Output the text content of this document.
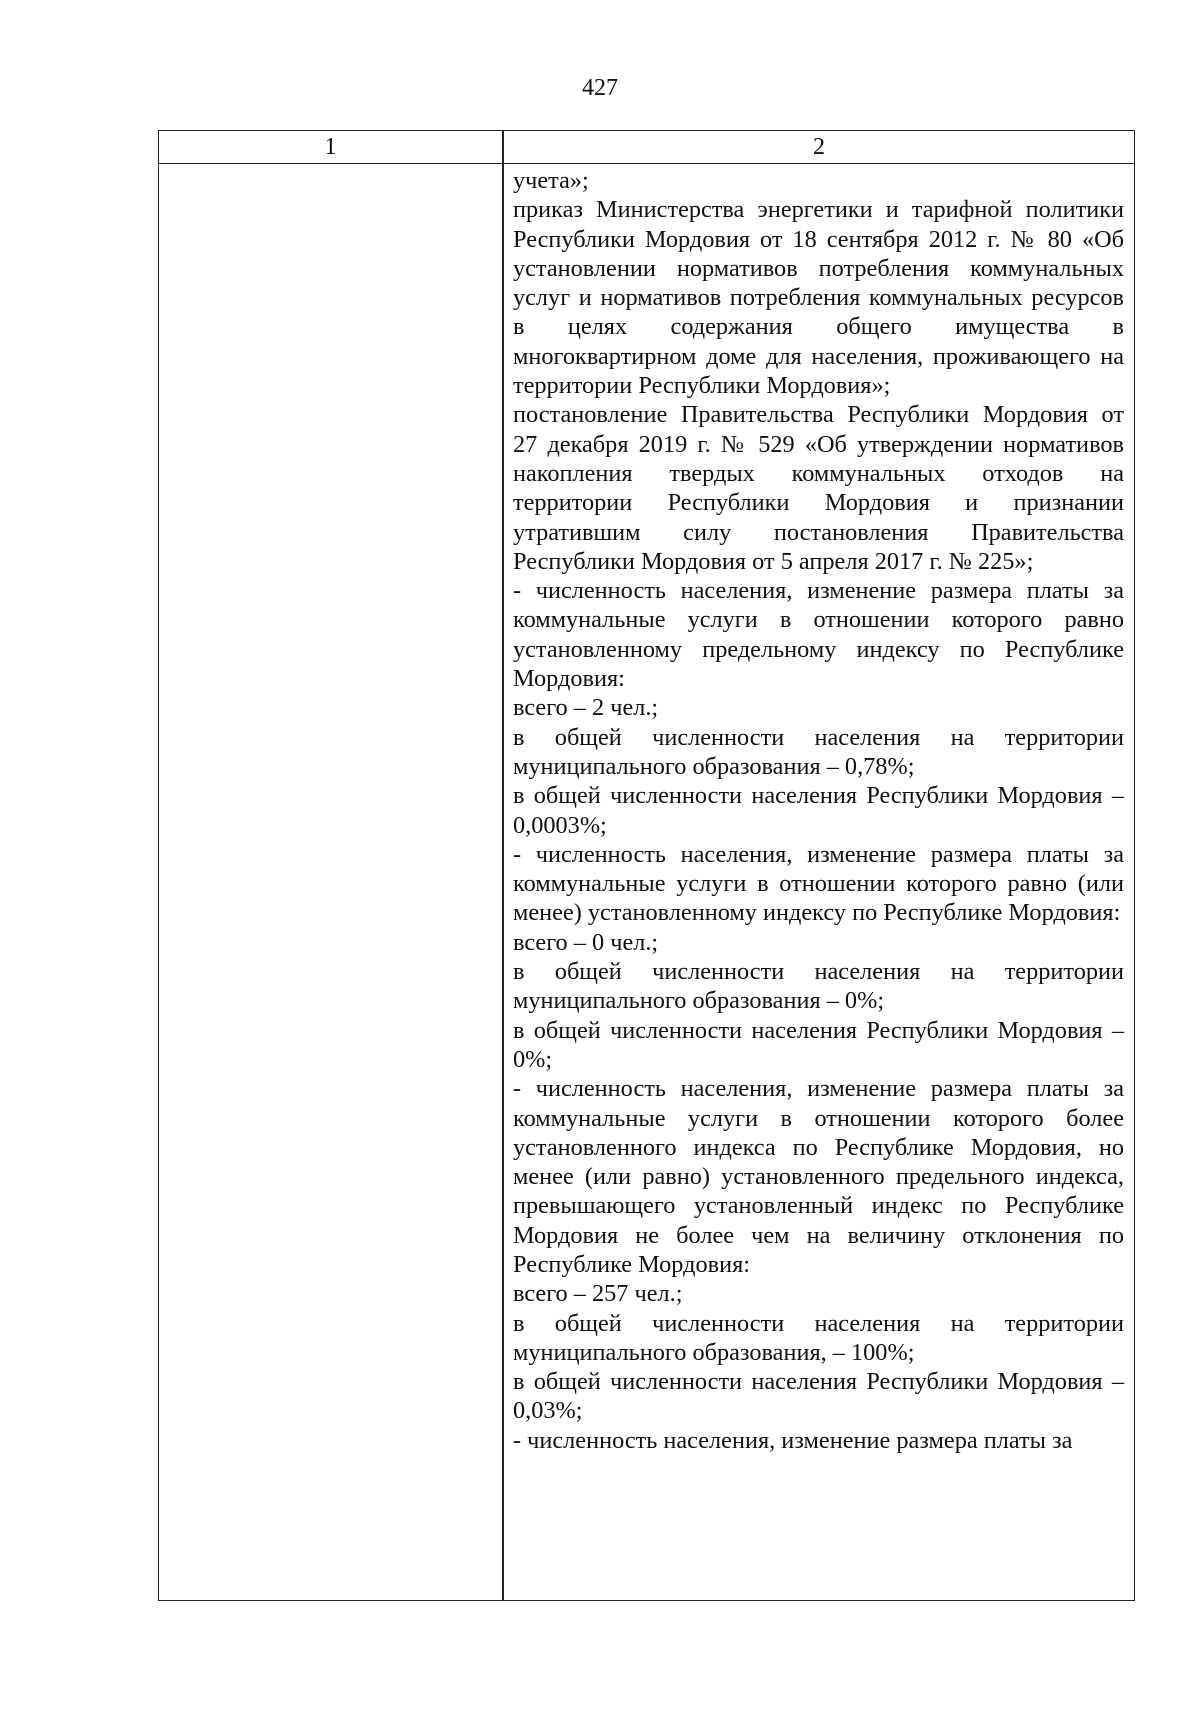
427
1	2

учета»;

приказ Министерства энергетики и тарифной политики Республики Мордовия от 18 сентября 2012 г. № 80 «Об установлении нормативов потребления коммунальных услуг и нормативов потребления коммунальных ресурсов в целях содержания общего имущества в многоквартирном доме для населения, проживающего на территории Республики Мордовия»;

постановление Правительства Республики Мордовия от 27 декабря 2019 г. № 529 «Об утверждении нормативов накопления твердых коммунальных отходов на территории Республики Мордовия и признании утратившим силу постановления Правительства Республики Мордовия от 5 апреля 2017 г. № 225»;

- численность населения, изменение размера платы за коммунальные услуги в отношении которого равно установленному предельному индексу по Республике Мордовия:

всего – 2 чел.;

в общей численности населения на территории муниципального образования – 0,78%;

в общей численности населения Республики Мордовия – 0,0003%;

- численность населения, изменение размера платы за коммунальные услуги в отношении которого равно (или менее) установленному индексу по Республике Мордовия:

всего – 0 чел.;

в общей численности населения на территории муниципального образования – 0%;

в общей численности населения Республики Мордовия – 0%;

- численность населения, изменение размера платы за коммунальные услуги в отношении которого более установленного индекса по Республике Мордовия, но менее (или равно) установленного предельного индекса, превышающего установленный индекс по Республике Мордовия не более чем на величину отклонения по Республике Мордовия:

всего – 257 чел.;

в общей численности населения на территории муниципального образования, – 100%;

в общей численности населения Республики Мордовия – 0,03%;

- численность населения, изменение размера платы за
